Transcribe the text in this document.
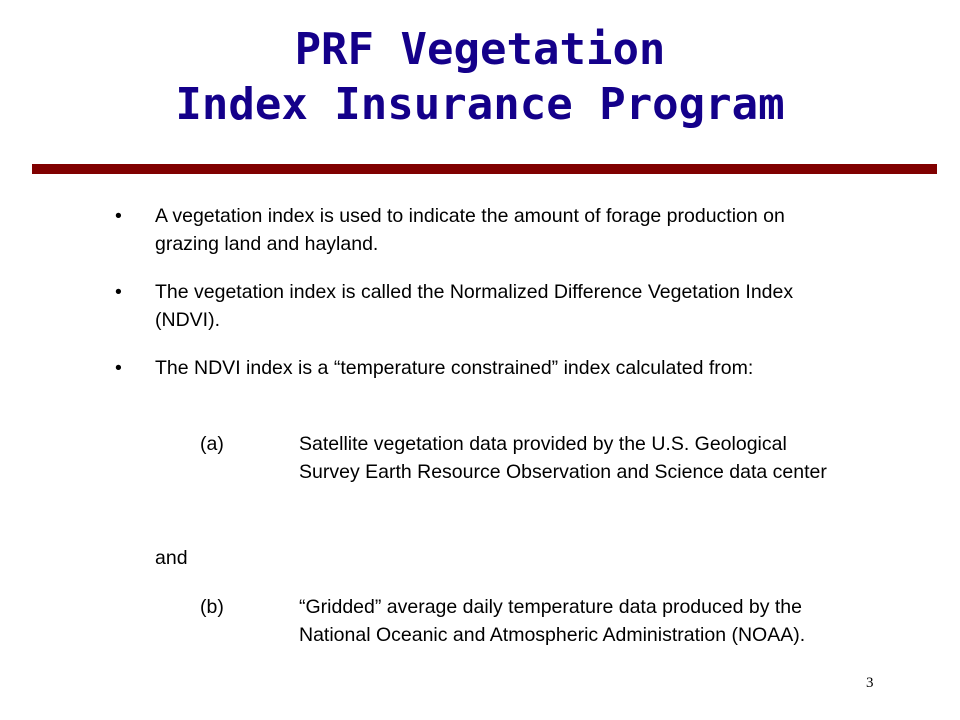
PRF Vegetation
Index Insurance Program
• A vegetation index is used to indicate the amount of forage production on grazing land and hayland.
• The vegetation index is called the Normalized Difference Vegetation Index (NDVI).
• The NDVI index is a “temperature constrained” index calculated from:
(a)	Satellite vegetation data provided by the U.S. Geological Survey Earth Resource Observation and Science data center
and
(b)	“Gridded” average daily temperature data produced by the National Oceanic and Atmospheric Administration (NOAA).
3
